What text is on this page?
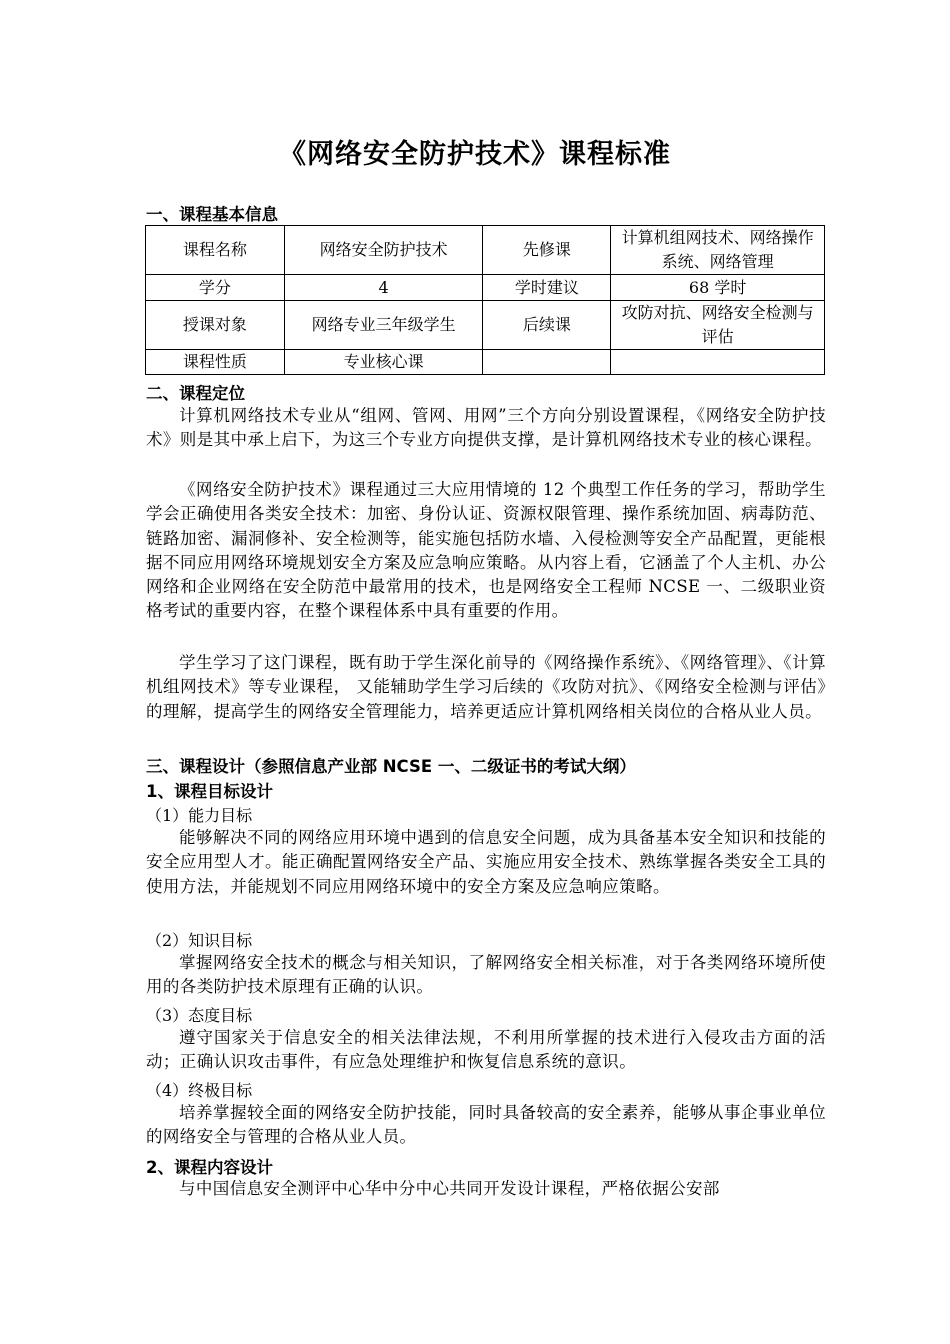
《网络安全防护技术》课程标准
一、课程基本信息
课程名称	网络安全防护技术	先修课	计算机组网技术、网络操作系统、网络管理
学分	4	学时建议	68 学时
授课对象	网络专业三年级学生	后续课	攻防对抗、网络安全检测与评估
课程性质	专业核心课		
二、课程定位
计算机网络技术专业从“组网、管网、用网”三个方向分别设置课程，《网络安全防护技术》则是其中承上启下，为这三个专业方向提供支撑，是计算机网络技术专业的核心课程。
《网络安全防护技术》课程通过三大应用情境的 12 个典型工作任务的学习，帮助学生学会正确使用各类安全技术：加密、身份认证、资源权限管理、操作系统加固、病毒防范、链路加密、漏洞修补、安全检测等，能实施包括防水墙、入侵检测等安全产品配置，更能根据不同应用网络环境规划安全方案及应急响应策略。从内容上看，它涵盖了个人主机、办公网络和企业网络在安全防范中最常用的技术，也是网络安全工程师 NCSE 一、二级职业资格考试的重要内容，在整个课程体系中具有重要的作用。
学生学习了这门课程，既有助于学生深化前导的《网络操作系统》、《网络管理》、《计算机组网技术》等专业课程， 又能辅助学生学习后续的《攻防对抗》、《网络安全检测与评估》的理解，提高学生的网络安全管理能力，培养更适应计算机网络相关岗位的合格从业人员。
三、课程设计（参照信息产业部 NCSE 一、二级证书的考试大纲）
1、课程目标设计
（1）能力目标
能够解决不同的网络应用环境中遇到的信息安全问题，成为具备基本安全知识和技能的安全应用型人才。能正确配置网络安全产品、实施应用安全技术、熟练掌握各类安全工具的使用方法，并能规划不同应用网络环境中的安全方案及应急响应策略。
（2）知识目标
掌握网络安全技术的概念与相关知识，了解网络安全相关标准，对于各类网络环境所使用的各类防护技术原理有正确的认识。
（3）态度目标
遵守国家关于信息安全的相关法律法规，不利用所掌握的技术进行入侵攻击方面的活动；正确认识攻击事件，有应急处理维护和恢复信息系统的意识。
（4）终极目标
培养掌握较全面的网络安全防护技能，同时具备较高的安全素养，能够从事企事业单位的网络安全与管理的合格从业人员。
2、课程内容设计
与中国信息安全测评中心华中分中心共同开发设计课程，严格依据公安部
